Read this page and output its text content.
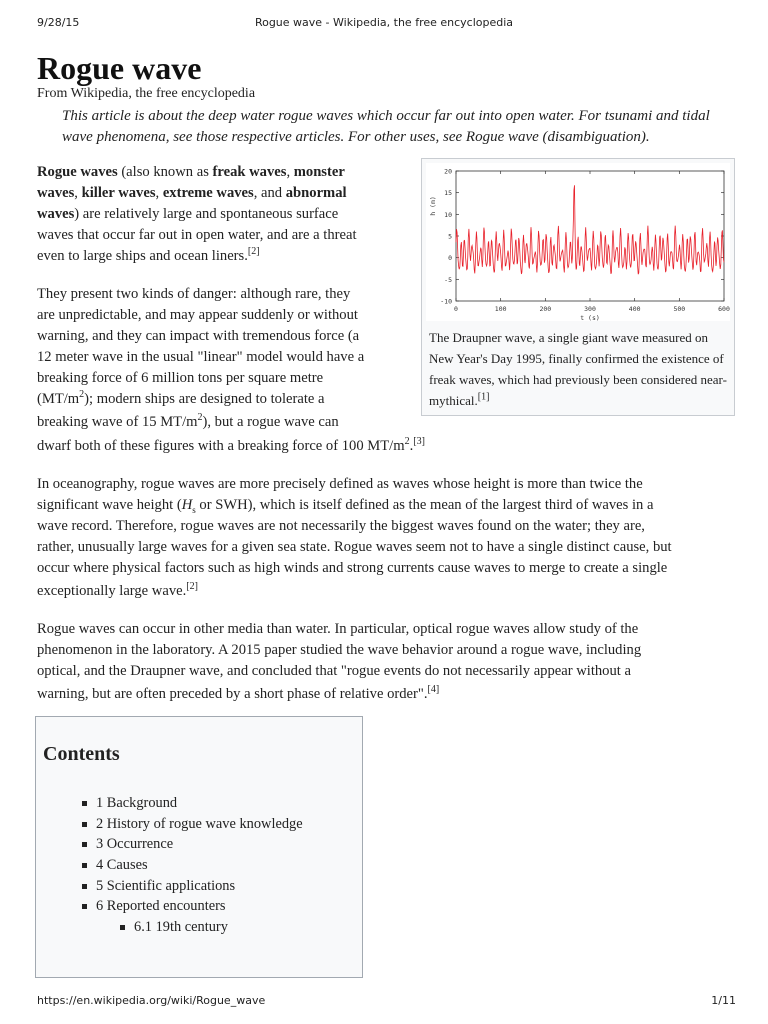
9/28/15	Rogue wave - Wikipedia, the free encyclopedia
Rogue wave
From Wikipedia, the free encyclopedia
This article is about the deep water rogue waves which occur far out into open water. For tsunami and tidal wave phenomena, see those respective articles. For other uses, see Rogue wave (disambiguation).
Rogue waves (also known as freak waves, monster
waves, killer waves, extreme waves, and abnormal
waves) are relatively large and spontaneous surface
waves that occur far out in open water, and are a threat
even to large ships and ocean liners.[2]
They present two kinds of danger: although rare, they
are unpredictable, and may appear suddenly or without
warning, and they can impact with tremendous force (a
12 meter wave in the usual "linear" model would have a
breaking force of 6 million tons per square metre
$(MT/m^2)$; modern ships are designed to tolerate a
breaking wave of 15 $MT/m^2$), but a rogue wave can
dwarf both of these figures with a breaking force of 100 $MT/m^2.[3]$
20
15
10
5
0
-5
-10
0	100	200	300	400	500	600
t (s)
h (m)
The Draupner wave, a single giant wave measured on New Year's Day 1995, finally confirmed the existence of freak waves, which had previously been considered near-mythical.[1]
In oceanography, rogue waves are more precisely defined as waves whose height is more than twice the
significant wave height ($H_s$ or SWH), which is itself defined as the mean of the largest third of waves in a
wave record. Therefore, rogue waves are not necessarily the biggest waves found on the water; they are,
rather, unusually large waves for a given sea state. Rogue waves seem not to have a single distinct cause, but
occur where physical factors such as high winds and strong currents cause waves to merge to create a single
exceptionally large wave.[2]
Rogue waves can occur in other media than water. In particular, optical rogue waves allow study of the
phenomenon in the laboratory. A 2015 paper studied the wave behavior around a rogue wave, including
optical, and the Draupner wave, and concluded that "rogue events do not necessarily appear without a
warning, but are often preceded by a short phase of relative order".[4]
Contents
1 Background
2 History of rogue wave knowledge
3 Occurrence
4 Causes
5 Scientific applications
6 Reported encounters
6.1 19th century
https://en.wikipedia.org/wiki/Rogue_wave	1/11
